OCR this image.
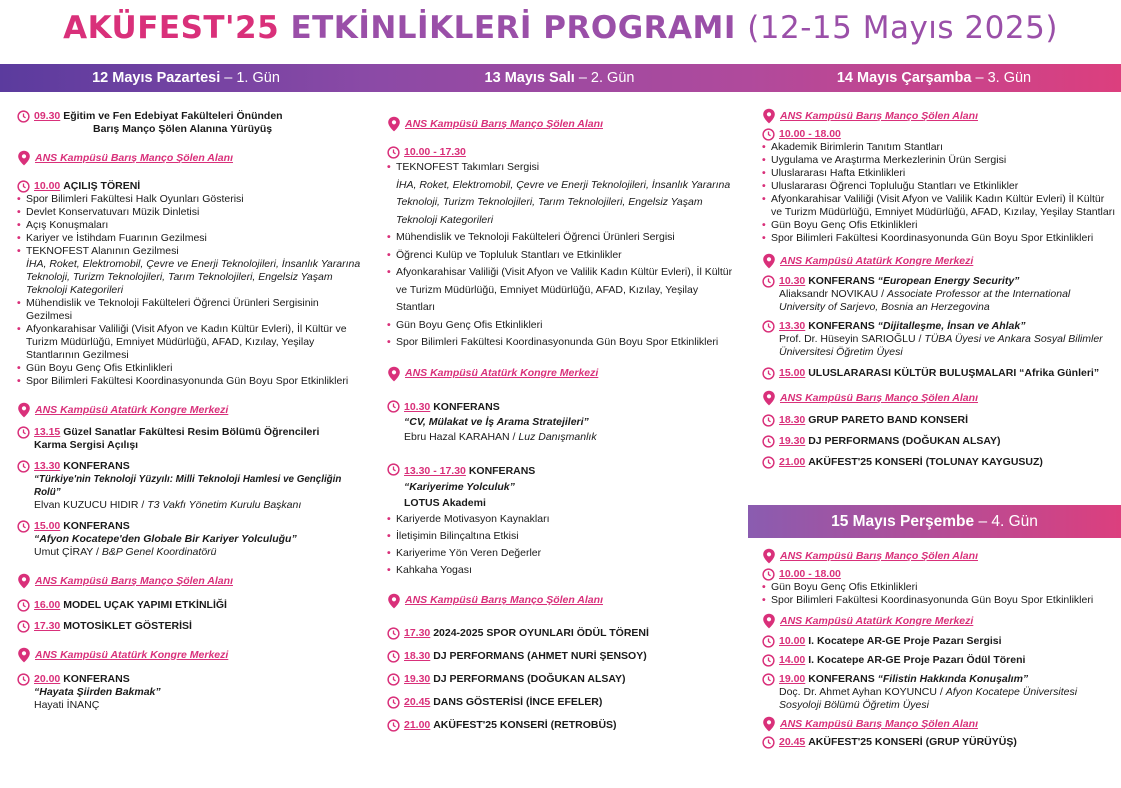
AKÜFEST'25 ETKİNLİKLERİ PROGRAMI (12-15 Mayıs 2025)
12 Mayıs Pazartesi – 1. Gün	13 Mayıs Salı – 2. Gün	14 Mayıs Çarşamba – 3. Gün
15 Mayıs Perşembe – 4. Gün
09.30 Eğitim ve Fen Edebiyat Fakülteleri Önünden
Barış Manço Şölen Alanına Yürüyüş
ANS Kampüsü Barış Manço Şölen Alanı
10.00 AÇILIŞ TÖRENİ
• Spor Bilimleri Fakültesi Halk Oyunları Gösterisi
• Devlet Konservatuvarı Müzik Dinletisi
• Açış Konuşmaları
• Kariyer ve İstihdam Fuarının Gezilmesi
• TEKNOFEST Alanının Gezilmesi
İHA, Roket, Elektromobil, Çevre ve Enerji Teknolojileri, İnsanlık Yararına Teknoloji, Turizm Teknolojileri, Tarım Teknolojileri, Engelsiz Yaşam Teknoloji Kategorileri
• Mühendislik ve Teknoloji Fakülteleri Öğrenci Ürünleri Sergisinin Gezilmesi
• Afyonkarahisar Valiliği (Visit Afyon ve Kadın Kültür Evleri), İl Kültür ve Turizm Müdürlüğü, Emniyet Müdürlüğü, AFAD, Kızılay, Yeşilay Stantlarının Gezilmesi
• Gün Boyu Genç Ofis Etkinlikleri
• Spor Bilimleri Fakültesi Koordinasyonunda Gün Boyu Spor Etkinlikleri
ANS Kampüsü Atatürk Kongre Merkezi
13.15 Güzel Sanatlar Fakültesi Resim Bölümü Öğrencileri
Karma Sergisi Açılışı
13.30 KONFERANS
“Türkiye'nin Teknoloji Yüzyılı: Milli Teknoloji Hamlesi ve Gençliğin Rolü”
Elvan KUZUCU HIDIR / T3 Vakfı Yönetim Kurulu Başkanı
15.00 KONFERANS
“Afyon Kocatepe'den Globale Bir Kariyer Yolculuğu”
Umut ÇİRAY / B&P Genel Koordinatörü
ANS Kampüsü Barış Manço Şölen Alanı
16.00 MODEL UÇAK YAPIMI ETKİNLİĞİ
17.30 MOTOSİKLET GÖSTERİSİ
ANS Kampüsü Atatürk Kongre Merkezi
20.00 KONFERANS
“Hayata Şiirden Bakmak”
Hayati İNANÇ
ANS Kampüsü Barış Manço Şölen Alanı
10.00 - 17.30
• TEKNOFEST Takımları Sergisi
İHA, Roket, Elektromobil, Çevre ve Enerji Teknolojileri, İnsanlık Yararına Teknoloji, Turizm Teknolojileri, Tarım Teknolojileri, Engelsiz Yaşam Teknoloji Kategorileri
• Mühendislik ve Teknoloji Fakülteleri Öğrenci Ürünleri Sergisi
• Öğrenci Kulüp ve Topluluk Stantları ve Etkinlikler
• Afyonkarahisar Valiliği (Visit Afyon ve Valilik Kadın Kültür Evleri), İl Kültür ve Turizm Müdürlüğü, Emniyet Müdürlüğü, AFAD, Kızılay, Yeşilay Stantları
• Gün Boyu Genç Ofis Etkinlikleri
• Spor Bilimleri Fakültesi Koordinasyonunda Gün Boyu Spor Etkinlikleri
ANS Kampüsü Atatürk Kongre Merkezi
10.30 KONFERANS
“CV, Mülakat ve İş Arama Stratejileri”
Ebru Hazal KARAHAN / Luz Danışmanlık
13.30 - 17.30 KONFERANS
“Kariyerime Yolculuk”
LOTUS Akademi
• Kariyerde Motivasyon Kaynakları
• İletişimin Bilinçaltına Etkisi
• Kariyerime Yön Veren Değerler
• Kahkaha Yogası
ANS Kampüsü Barış Manço Şölen Alanı
17.30 2024-2025 SPOR OYUNLARI ÖDÜL TÖRENİ
18.30 DJ PERFORMANS (AHMET NURİ ŞENSOY)
19.30 DJ PERFORMANS (DOĞUKAN ALSAY)
20.45 DANS GÖSTERİSİ (İNCE EFELER)
21.00 AKÜFEST'25 KONSERİ (RETROBÜS)
ANS Kampüsü Barış Manço Şölen Alanı
10.00 - 18.00
• Akademik Birimlerin Tanıtım Stantları
• Uygulama ve Araştırma Merkezlerinin Ürün Sergisi
• Uluslararası Hafta Etkinlikleri
• Uluslararası Öğrenci Topluluğu Stantları ve Etkinlikler
• Afyonkarahisar Valiliği (Visit Afyon ve Valilik Kadın Kültür Evleri) İl Kültür ve Turizm Müdürlüğü, Emniyet Müdürlüğü, AFAD, Kızılay, Yeşilay Stantları
• Gün Boyu Genç Ofis Etkinlikleri
• Spor Bilimleri Fakültesi Koordinasyonunda Gün Boyu Spor Etkinlikleri
ANS Kampüsü Atatürk Kongre Merkezi
10.30 KONFERANS “European Energy Security”
Aliaksandr NOVIKAU / Associate Professor at the International University of Sarjevo, Bosnia an Herzegovina
13.30 KONFERANS “Dijitalleşme, İnsan ve Ahlak”
Prof. Dr. Hüseyin SARIOĞLU / TÜBA Üyesi ve Ankara Sosyal Bilimler Üniversitesi Öğretim Üyesi
15.00 ULUSLARARASI KÜLTÜR BULUŞMALARI “Afrika Günleri”
ANS Kampüsü Barış Manço Şölen Alanı
18.30 GRUP PARETO BAND KONSERİ
19.30 DJ PERFORMANS (DOĞUKAN ALSAY)
21.00 AKÜFEST'25 KONSERİ (TOLUNAY KAYGUSUZ)
ANS Kampüsü Barış Manço Şölen Alanı
10.00 - 18.00
• Gün Boyu Genç Ofis Etkinlikleri
• Spor Bilimleri Fakültesi Koordinasyonunda Gün Boyu Spor Etkinlikleri
ANS Kampüsü Atatürk Kongre Merkezi
10.00 I. Kocatepe AR-GE Proje Pazarı Sergisi
14.00 I. Kocatepe AR-GE Proje Pazarı Ödül Töreni
19.00 KONFERANS “Filistin Hakkında Konuşalım”
Doç. Dr. Ahmet Ayhan KOYUNCU / Afyon Kocatepe Üniversitesi Sosyoloji Bölümü Öğretim Üyesi
ANS Kampüsü Barış Manço Şölen Alanı
20.45 AKÜFEST'25 KONSERİ (GRUP YÜRÜYÜŞ)
